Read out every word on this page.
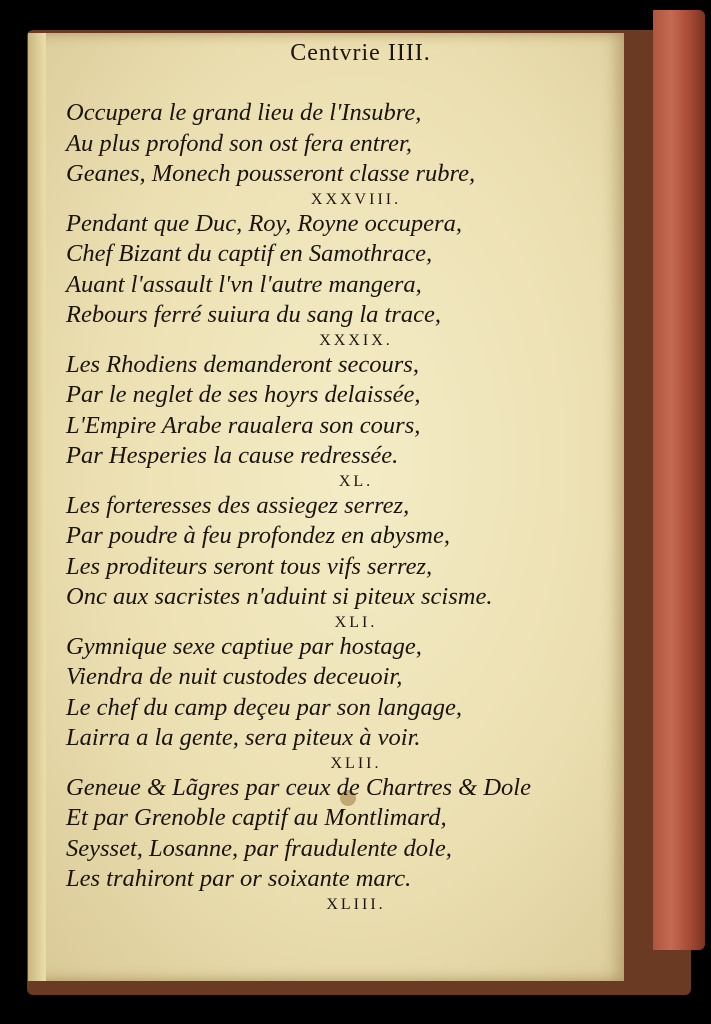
Centvrie IIII.
Occupera le grand lieu de l'Insubre,
Au plus profond son ost fera entrer,
Geanes, Monech pousseront classe rubre,
XXXVIII.
Pendant que Duc, Roy, Royne occupera,
Chef Bizant du captif en Samothrace,
Auant l'assault l'vn l'autre mangera,
Rebours ferré suiura du sang la trace,
XXXIX.
Les Rhodiens demanderont secours,
Par le neglet de ses hoyrs delaissée,
L'Empire Arabe raualera son cours,
Par Hesperies la cause redressée.
XL.
Les forteresses des assiegez serrez,
Par poudre à feu profondez en abysme,
Les proditeurs seront tous vifs serrez,
Onc aux sacristes n'aduint si piteux scisme.
XLI.
Gymnique sexe captiue par hostage,
Viendra de nuit custodes deceuoir,
Le chef du camp deçeu par son langage,
Lairra a la gente, sera piteux à voir.
XLII.
Geneue & Lãgres par ceux de Chartres & Dole
Et par Grenoble captif au Montlimard,
Seysset, Losanne, par fraudulente dole,
Les trahiront par or soixante marc.
XLIII.
